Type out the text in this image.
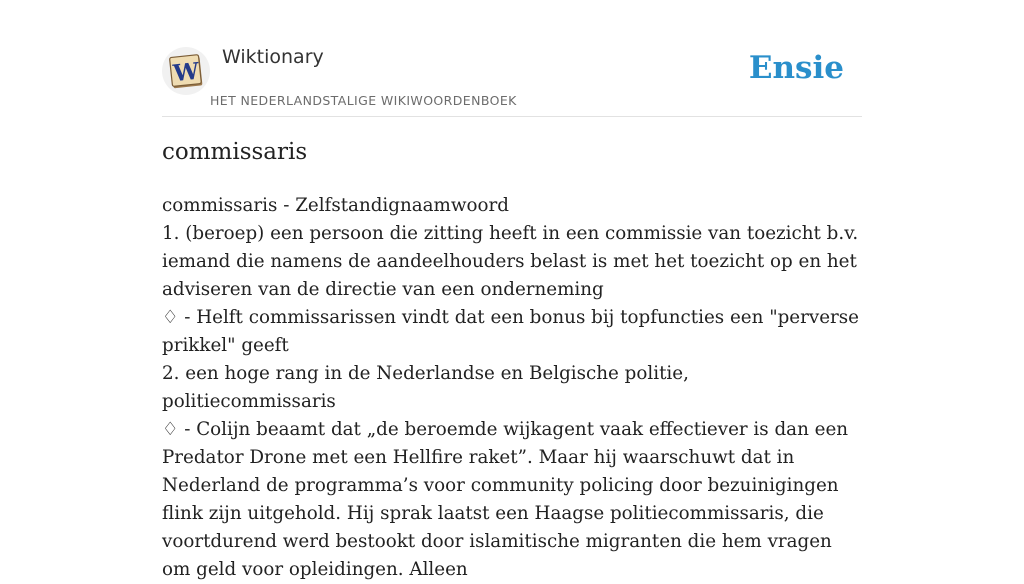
W
Wiktionary
HET NEDERLANDSTALIGE WIKIWOORDENBOEK
Ensie
commissaris

commissaris - Zelfstandignaamwoord

1. (beroep) een persoon die zitting heeft in een commissie van toezicht b.v. iemand die namens de aandeelhouders belast is met het toezicht op en het adviseren van de directie van een onderneming

♢ - Helft commissarissen vindt dat een bonus bij topfuncties een "perverse prikkel" geeft

2. een hoge rang in de Nederlandse en Belgische politie, politiecommissaris

♢ - Colijn beaamt dat „de beroemde wijkagent vaak effectiever is dan een Predator Drone met een Hellfire raket”. Maar hij waarschuwt dat in Nederland de programma’s voor community policing door bezuinigingen flink zijn uitgehold. Hij sprak laatst een Haagse politiecommissaris, die voortdurend werd bestookt door islamitische migranten die hem vragen om geld voor opleidingen. Alleen
